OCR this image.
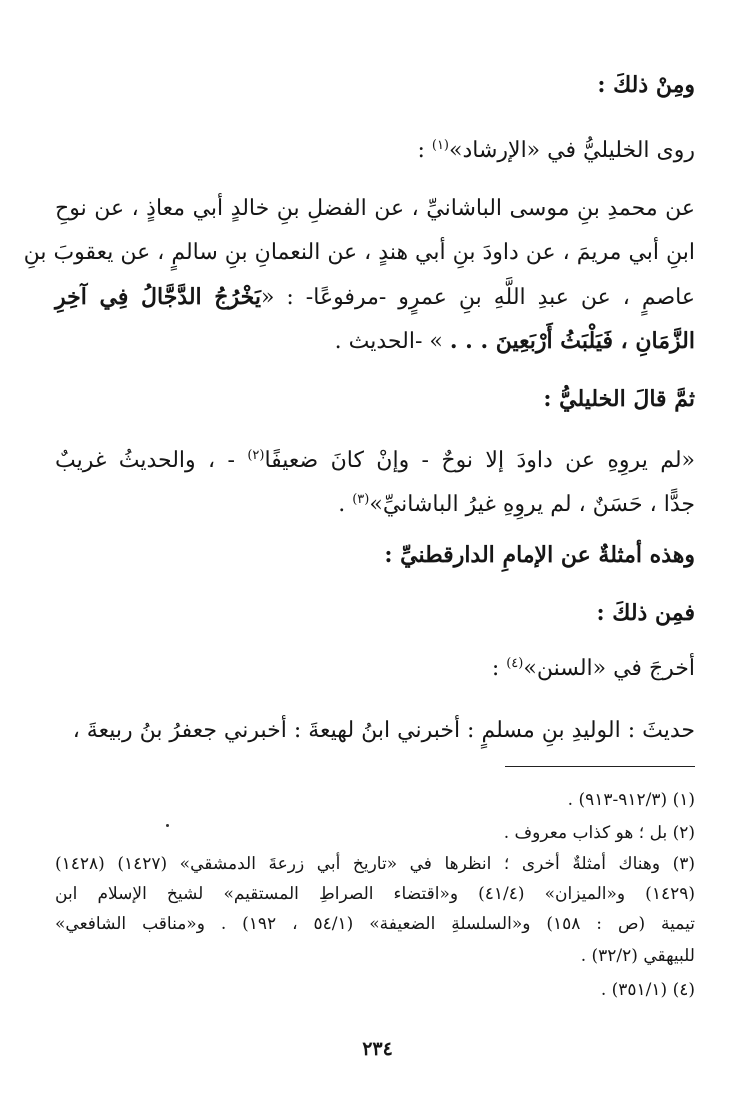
ومِنْ ذلكَ :
روى الخليليُّ في «الإرشاد»$^{(١)}$ :
عن محمدِ بنِ موسى الباشانيِّ ، عن الفضلِ بنِ خالدٍ أبي معاذٍ ، عن نوحِ
ابنِ أبي مريمَ ، عن داودَ بنِ أبي هندٍ ، عن النعمانِ بنِ سالمٍ ، عن يعقوبَ بنِ
عاصمٍ ، عن عبدِ اللَّهِ بنِ عمرٍو -مرفوعًا- : «يَخْرُجُ الدَّجَّالُ فِي آخِرِ
الزَّمَانِ ، فَيَلْبَثُ أَرْبَعِينَ . . . » -الحديث .
ثمَّ قالَ الخليليُّ :
«لم يروِهِ عن داودَ إلا نوحٌ - وإنْ كانَ ضعيفًا$^{(٢)}$ - ، والحديثُ غريبٌ
جدًّا ، حَسَنٌ ، لم يروِهِ غيرُ الباشانيِّ»$^{(٣)}$ .
وهذه أمثلةٌ عن الإمامِ الدارقطنيِّ :
فمِن ذلكَ :
أخرجَ في «السنن»$^{(٤)}$ :
حديثَ : الوليدِ بنِ مسلمٍ : أخبرني ابنُ لهيعةَ : أخبرني جعفرُ بنُ ربيعةَ ،
(١) (٩١٢/٣-٩١٣) .
(٢) بل ؛ هو كذاب معروف .
(٣) وهناك أمثلةٌ أخرى ؛ انظرها في «تاريخ أبي زرعةَ الدمشقي» (١٤٢٧) (١٤٢٨)
(١٤٢٩) و«الميزان» (٤١/٤) و«اقتضاء الصراطِ المستقيم» لشيخ الإسلام ابن
تيمية (ص : ١٥٨) و«السلسلةِ الضعيفة» (٥٤/١ ، ١٩٢) . و«مناقب الشافعي»
للبيهقي (٣٢/٢) .
(٤) (٣٥١/١) .
٢٣٤
